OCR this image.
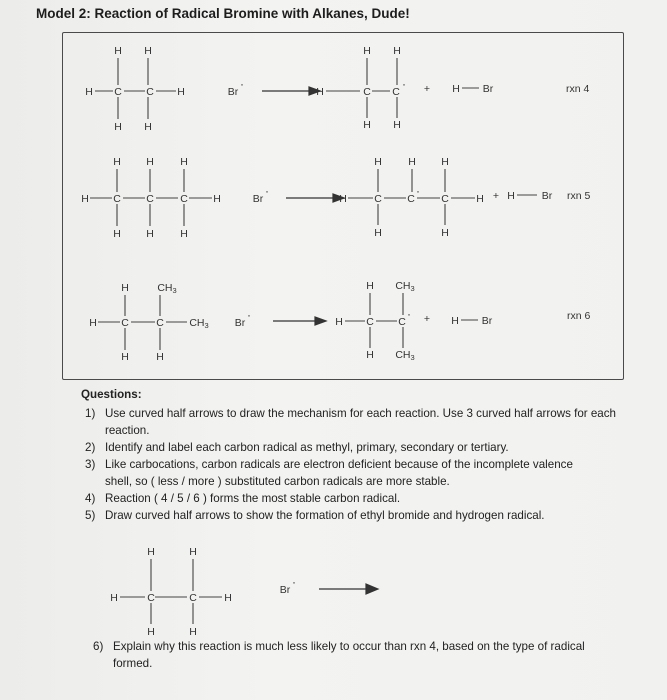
Model 2: Reaction of Radical Bromine with Alkanes, Dude!
H H
H C C H
H H
Br
·
H H
H	C C
·
H H
+ H Br	rxn 4
H H	H
H C C	C H
H H	H
Br
·
H	H H
H	C C
·
C	H
H	H
+ H	Br rxn 5
H	CH3
H C	C CH3
H	H
Br
·
H CH3
H C C
·
H CH3
+ H Br	rxn 6
H	H
H	C	C	H
H	H
Br
·
Questions:
1) Use curved half arrows to draw the mechanism for each reaction. Use 3 curved half arrows for each reaction.
2) Identify and label each carbon radical as methyl, primary, secondary or tertiary.
3) Like carbocations, carbon radicals are electron deficient because of the incomplete valence shell, so ( less / more ) substituted carbon radicals are more stable.
4) Reaction ( 4 / 5 / 6 ) forms the most stable carbon radical.
5) Draw curved half arrows to show the formation of ethyl bromide and hydrogen radical.
6) Explain why this reaction is much less likely to occur than rxn 4, based on the type of radical formed.
